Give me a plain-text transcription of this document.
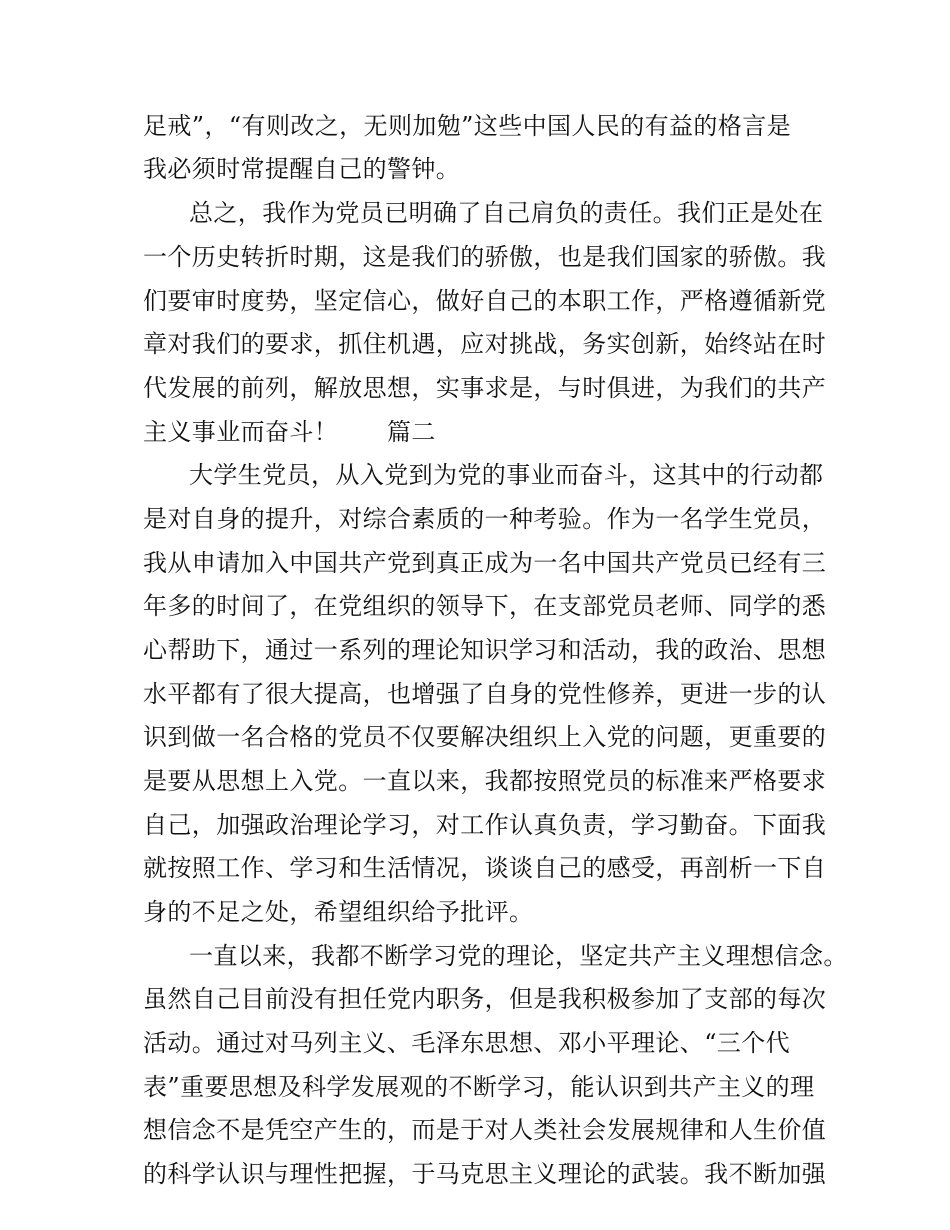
足戒”，“有则改之，无则加勉”这些中国人民的有益的格言是
我必须时常提醒自己的警钟。
总之，我作为党员已明确了自己肩负的责任。我们正是处在
一个历史转折时期，这是我们的骄傲，也是我们国家的骄傲。我
们要审时度势，坚定信心，做好自己的本职工作，严格遵循新党
章对我们的要求，抓住机遇，应对挑战，务实创新，始终站在时
代发展的前列，解放思想，实事求是，与时俱进，为我们的共产
主义事业而奋斗！　　篇二
大学生党员，从入党到为党的事业而奋斗，这其中的行动都
是对自身的提升，对综合素质的一种考验。作为一名学生党员，
我从申请加入中国共产党到真正成为一名中国共产党员已经有三
年多的时间了，在党组织的领导下，在支部党员老师、同学的悉
心帮助下，通过一系列的理论知识学习和活动，我的政治、思想
水平都有了很大提高，也增强了自身的党性修养，更进一步的认
识到做一名合格的党员不仅要解决组织上入党的问题，更重要的
是要从思想上入党。一直以来，我都按照党员的标准来严格要求
自己，加强政治理论学习，对工作认真负责，学习勤奋。下面我
就按照工作、学习和生活情况，谈谈自己的感受，再剖析一下自
身的不足之处，希望组织给予批评。
一直以来，我都不断学习党的理论，坚定共产主义理想信念。
虽然自己目前没有担任党内职务，但是我积极参加了支部的每次
活动。通过对马列主义、毛泽东思想、邓小平理论、“三个代
表”重要思想及科学发展观的不断学习，能认识到共产主义的理
想信念不是凭空产生的，而是于对人类社会发展规律和人生价值
的科学认识与理性把握，于马克思主义理论的武装。我不断加强
